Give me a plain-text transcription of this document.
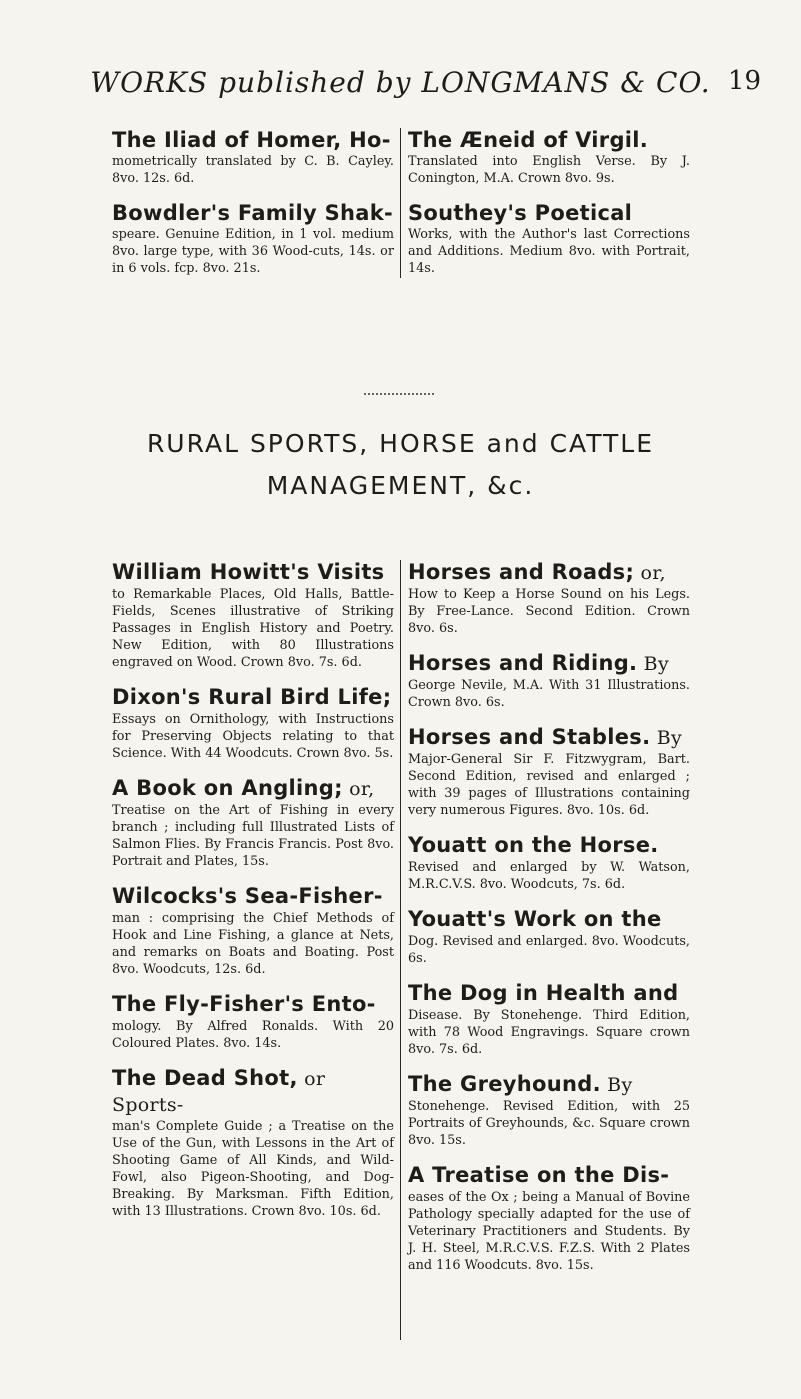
WORKS published by LONGMANS & CO. 19
The Iliad of Homer, Ho-
mometrically translated by C. B. Cayley. 8vo. 12s. 6d.
Bowdler's Family Shak-
speare. Genuine Edition, in 1 vol. medium 8vo. large type, with 36 Wood-cuts, 14s. or in 6 vols. fcp. 8vo. 21s.
The Æneid of Virgil.
Translated into English Verse. By J. Conington, M.A. Crown 8vo. 9s.
Southey's Poetical
Works, with the Author's last Corrections and Additions. Medium 8vo. with Portrait, 14s.
RURAL SPORTS, HORSE and CATTLE
MANAGEMENT, &c.
William Howitt's Visits
to Remarkable Places, Old Halls, Battle-Fields, Scenes illustrative of Striking Passages in English History and Poetry. New Edition, with 80 Illustrations engraved on Wood. Crown 8vo. 7s. 6d.
Dixon's Rural Bird Life;
Essays on Ornithology, with Instructions for Preserving Objects relating to that Science. With 44 Woodcuts. Crown 8vo. 5s.
A Book on Angling; or,
Treatise on the Art of Fishing in every branch ; including full Illustrated Lists of Salmon Flies. By Francis Francis. Post 8vo. Portrait and Plates, 15s.
Wilcocks's Sea-Fisher-
man : comprising the Chief Methods of Hook and Line Fishing, a glance at Nets, and remarks on Boats and Boating. Post 8vo. Woodcuts, 12s. 6d.
The Fly-Fisher's Ento-
mology. By Alfred Ronalds. With 20 Coloured Plates. 8vo. 14s.
The Dead Shot, or Sports-
man's Complete Guide ; a Treatise on the Use of the Gun, with Lessons in the Art of Shooting Game of All Kinds, and Wild-Fowl, also Pigeon-Shooting, and Dog-Breaking. By Marksman. Fifth Edition, with 13 Illustrations. Crown 8vo. 10s. 6d.
Horses and Roads; or,
How to Keep a Horse Sound on his Legs. By Free-Lance. Second Edition. Crown 8vo. 6s.
Horses and Riding. By
George Nevile, M.A. With 31 Illustrations. Crown 8vo. 6s.
Horses and Stables. By
Major-General Sir F. Fitzwygram, Bart. Second Edition, revised and enlarged ; with 39 pages of Illustrations containing very numerous Figures. 8vo. 10s. 6d.
Youatt on the Horse.
Revised and enlarged by W. Watson, M.R.C.V.S. 8vo. Woodcuts, 7s. 6d.
Youatt's Work on the
Dog. Revised and enlarged. 8vo. Woodcuts, 6s.
The Dog in Health and
Disease. By Stonehenge. Third Edition, with 78 Wood Engravings. Square crown 8vo. 7s. 6d.
The Greyhound. By
Stonehenge. Revised Edition, with 25 Portraits of Greyhounds, &c. Square crown 8vo. 15s.
A Treatise on the Dis-
eases of the Ox ; being a Manual of Bovine Pathology specially adapted for the use of Veterinary Practitioners and Students. By J. H. Steel, M.R.C.V.S. F.Z.S. With 2 Plates and 116 Woodcuts. 8vo. 15s.
